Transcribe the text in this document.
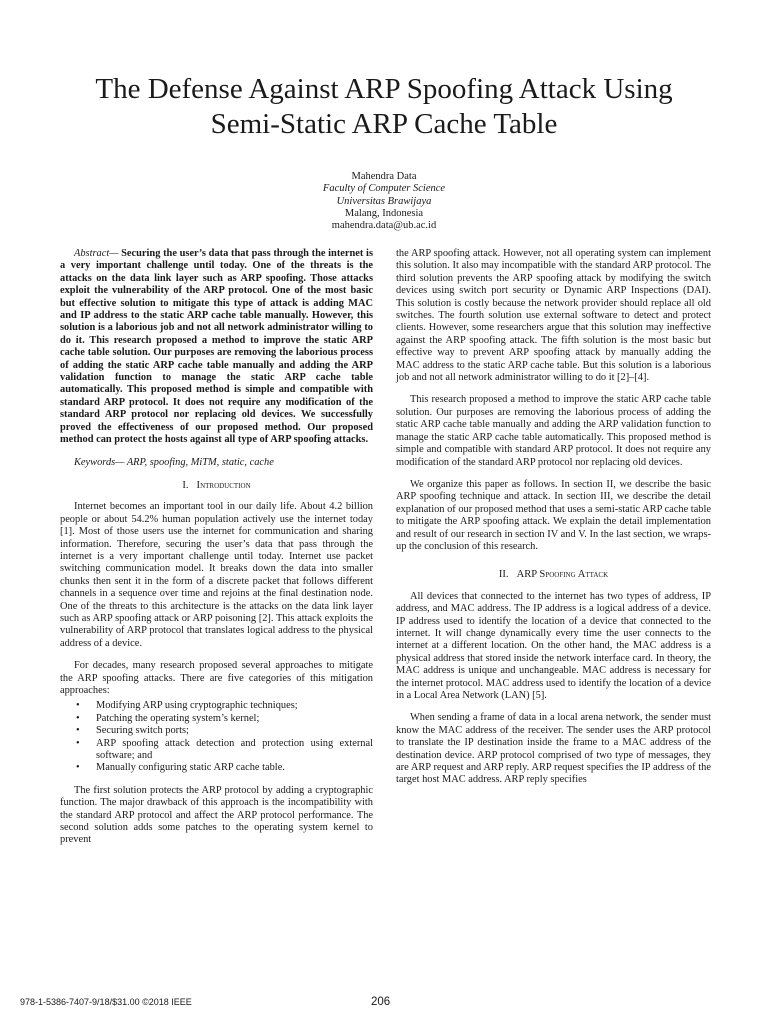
The Defense Against ARP Spoofing Attack Using
Semi-Static ARP Cache Table
Mahendra Data
Faculty of Computer Science
Universitas Brawijaya
Malang, Indonesia
mahendra.data@ub.ac.id

Abstract— Securing the user’s data that pass through the internet is a very important challenge until today. One of the threats is the attacks on the data link layer such as ARP spoofing. Those attacks exploit the vulnerability of the ARP protocol. One of the most basic but effective solution to mitigate this type of attack is adding MAC and IP address to the static ARP cache table manually. However, this solution is a laborious job and not all network administrator willing to do it. This research proposed a method to improve the static ARP cache table solution. Our purposes are removing the laborious process of adding the static ARP cache table manually and adding the ARP validation function to manage the static ARP cache table automatically. This proposed method is simple and compatible with standard ARP protocol. It does not require any modification of the standard ARP protocol nor replacing old devices. We successfully proved the effectiveness of our proposed method. Our proposed method can protect the hosts against all type of ARP spoofing attacks.

Keywords— ARP, spoofing, MiTM, static, cache

I. Introduction

Internet becomes an important tool in our daily life. About 4.2 billion people or about 54.2% human population actively use the internet today [1]. Most of those users use the internet for communication and sharing information. Therefore, securing the user’s data that pass through the internet is a very important challenge until today. Internet use packet switching communication model. It breaks down the data into smaller chunks then sent it in the form of a discrete packet that follows different channels in a sequence over time and rejoins at the final destination node. One of the threats to this architecture is the attacks on the data link layer such as ARP spoofing attack or ARP poisoning [2]. This attack exploits the vulnerability of ARP protocol that translates logical address to the physical address of a device.

For decades, many research proposed several approaches to mitigate the ARP spoofing attacks. There are five categories of this mitigation approaches:

• Modifying ARP using cryptographic techniques;
• Patching the operating system’s kernel;
• Securing switch ports;
• ARP spoofing attack detection and protection using external software; and
• Manually configuring static ARP cache table.

The first solution protects the ARP protocol by adding a cryptographic function. The major drawback of this approach is the incompatibility with the standard ARP protocol and affect the ARP protocol performance. The second solution adds some patches to the operating system kernel to prevent

the ARP spoofing attack. However, not all operating system can implement this solution. It also may incompatible with the standard ARP protocol. The third solution prevents the ARP spoofing attack by modifying the switch devices using switch port security or Dynamic ARP Inspections (DAI). This solution is costly because the network provider should replace all old switches. The fourth solution use external software to detect and protect clients. However, some researchers argue that this solution may ineffective against the ARP spoofing attack. The fifth solution is the most basic but effective way to prevent ARP spoofing attack by manually adding the MAC address to the static ARP cache table. But this solution is a laborious job and not all network administrator willing to do it [2]–[4].

This research proposed a method to improve the static ARP cache table solution. Our purposes are removing the laborious process of adding the static ARP cache table manually and adding the ARP validation function to manage the static ARP cache table automatically. This proposed method is simple and compatible with standard ARP protocol. It does not require any modification of the standard ARP protocol nor replacing old devices.

We organize this paper as follows. In section II, we describe the basic ARP spoofing technique and attack. In section III, we describe the detail explanation of our proposed method that uses a semi-static ARP cache table to mitigate the ARP spoofing attack. We explain the detail implementation and result of our research in section IV and V. In the last section, we wraps-up the conclusion of this research.

II. ARP Spoofing Attack

All devices that connected to the internet has two types of address, IP address, and MAC address. The IP address is a logical address of a device. IP address used to identify the location of a device that connected to the internet. It will change dynamically every time the user connects to the internet at a different location. On the other hand, the MAC address is a physical address that stored inside the network interface card. In theory, the MAC address is unique and unchangeable. MAC address is necessary for the internet protocol. MAC address used to identify the location of a device in a Local Area Network (LAN) [5].

When sending a frame of data in a local arena network, the sender must know the MAC address of the receiver. The sender uses the ARP protocol to translate the IP destination inside the frame to a MAC address of the destination device. ARP protocol comprised of two type of messages, they are ARP request and ARP reply. ARP request specifies the IP address of the target host MAC address. ARP reply specifies

978-1-5386-7407-9/18/$31.00 ©2018 IEEE	206
